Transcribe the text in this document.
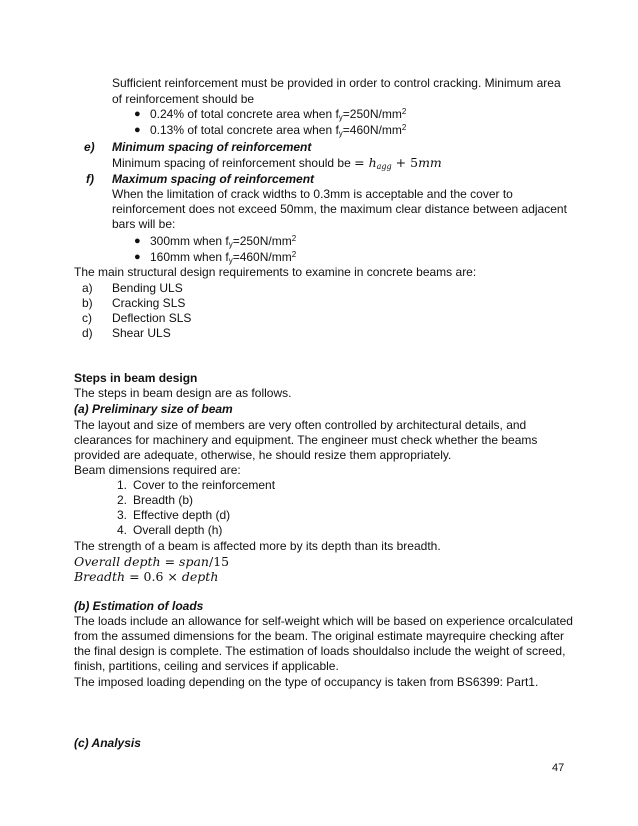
Sufficient reinforcement must be provided in order to control cracking. Minimum area
of reinforcement should be
● 0.24% of total concrete area when $f_y=250N/mm^2$
● 0.13% of total concrete area when $f_y=460N/mm^2$
e) Minimum spacing of reinforcement
Minimum spacing of reinforcement should be = $h_{agg} + 5mm$
f) Maximum spacing of reinforcement
When the limitation of crack widths to 0.3mm is acceptable and the cover to
reinforcement does not exceed 50mm, the maximum clear distance between adjacent
bars will be:
● 300mm when $f_y=250N/mm^2$
● 160mm when $f_y=460N/mm^2$
The main structural design requirements to examine in concrete beams are:
a) Bending ULS
b) Cracking SLS
c) Deflection SLS
d) Shear ULS
Steps in beam design
The steps in beam design are as follows.
(a) Preliminary size of beam
The layout and size of members are very often controlled by architectural details, and
clearances for machinery and equipment. The engineer must check whether the beams
provided are adequate, otherwise, he should resize them appropriately.
Beam dimensions required are:
1. Cover to the reinforcement
2. Breadth (b)
3. Effective depth (d)
4. Overall depth (h)
The strength of a beam is affected more by its depth than its breadth.
Overall depth = span/15
Breadth = 0.6 × depth
(b) Estimation of loads
The loads include an allowance for self-weight which will be based on experience orcalculated
from the assumed dimensions for the beam. The original estimate mayrequire checking after
the final design is complete. The estimation of loads shouldalso include the weight of screed,
finish, partitions, ceiling and services if applicable.
The imposed loading depending on the type of occupancy is taken from BS6399: Part1.
(c) Analysis
47
